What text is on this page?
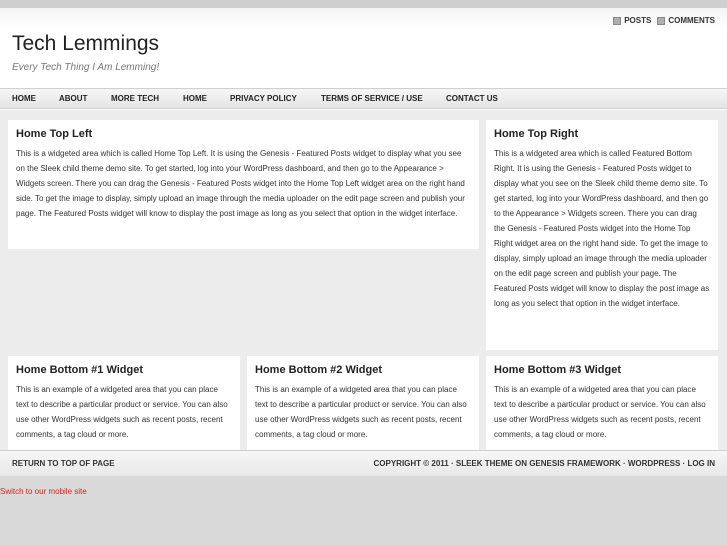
POSTS COMMENTS
Tech Lemmings
Every Tech Thing I Am Lemming!
HOME	ABOUT	MORE TECH	HOME	PRIVACY POLICY	TERMS OF SERVICE / USE	CONTACT US
Home Top Left

This is a widgeted area which is called Home Top Left. It is using the Genesis - Featured Posts widget to display what you see on the Sleek child theme demo site. To get started, log into your WordPress dashboard, and then go to the Appearance > Widgets screen. There you can drag the Genesis - Featured Posts widget into the Home Top Left widget area on the right hand side. To get the image to display, simply upload an image through the media uploader on the edit page screen and publish your page. The Featured Posts widget will know to display the post image as long as you select that option in the widget interface.

Home Top Right

This is a widgeted area which is called Featured Bottom Right. It is using the Genesis - Featured Posts widget to display what you see on the Sleek child theme demo site. To get started, log into your WordPress dashboard, and then go to the Appearance > Widgets screen. There you can drag the Genesis - Featured Posts widget into the Home Top Right widget area on the right hand side. To get the image to display, simply upload an image through the media uploader on the edit page screen and publish your page. The Featured Posts widget will know to display the post image as long as you select that option in the widget interface.

Home Bottom #1 Widget

This is an example of a widgeted area that you can place text to describe a particular product or service. You can also use other WordPress widgets such as recent posts, recent comments, a tag cloud or more.

Home Bottom #2 Widget

This is an example of a widgeted area that you can place text to describe a particular product or service. You can also use other WordPress widgets such as recent posts, recent comments, a tag cloud or more.

Home Bottom #3 Widget

This is an example of a widgeted area that you can place text to describe a particular product or service. You can also use other WordPress widgets such as recent posts, recent comments, a tag cloud or more.

RETURN TO TOP OF PAGE	COPYRIGHT © 2011 · SLEEK THEME ON GENESIS FRAMEWORK · WORDPRESS · LOG IN
Switch to our mobile site
